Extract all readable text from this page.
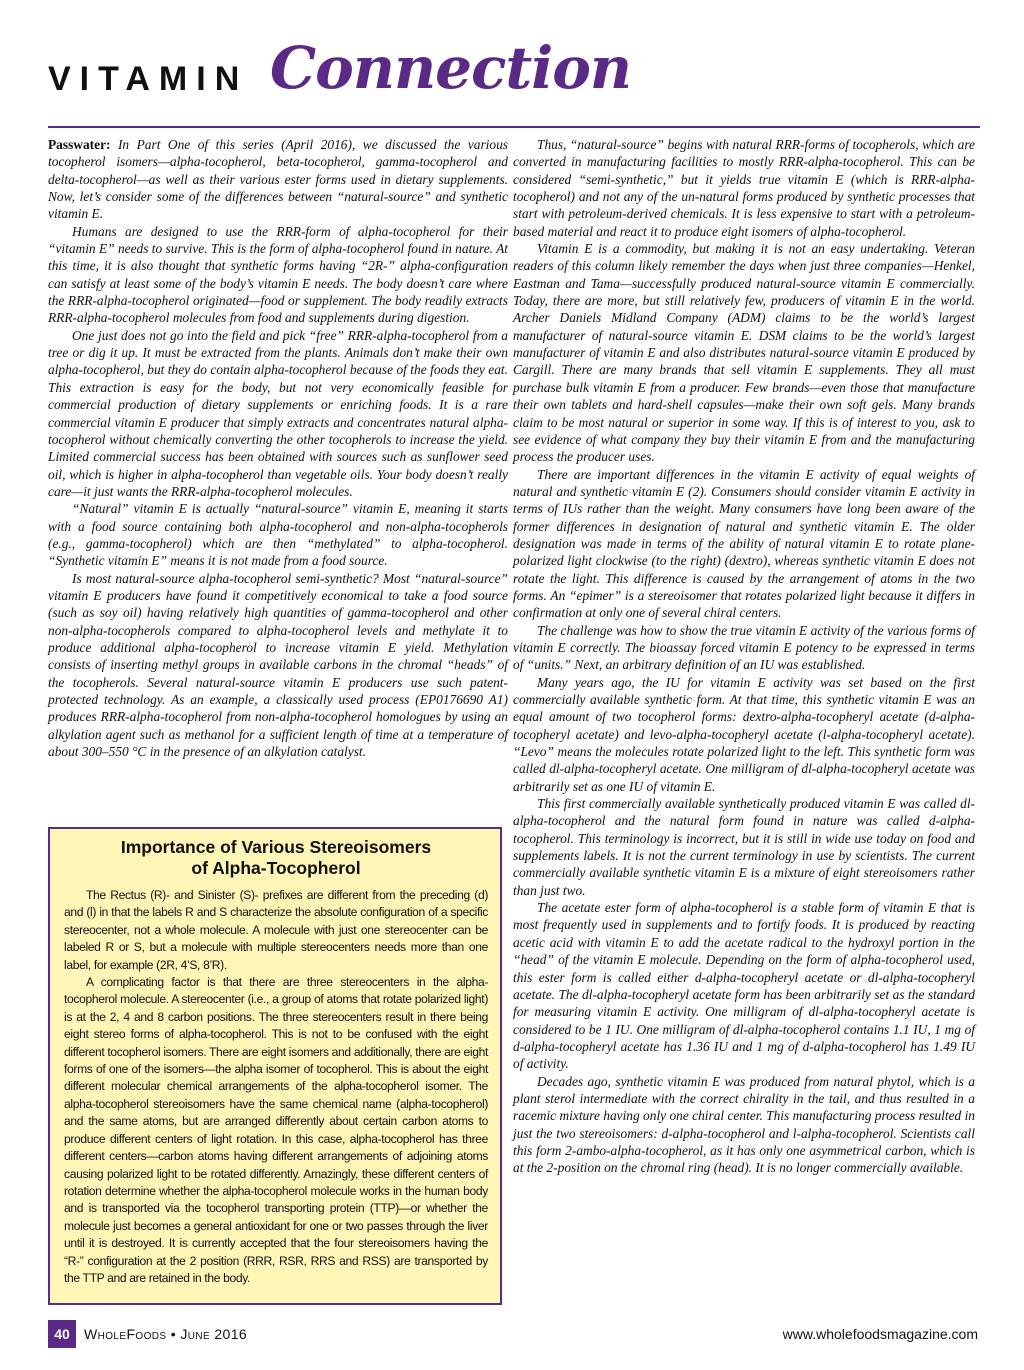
VITAMIN Connection

Passwater: In Part One of this series (April 2016), we discussed the various tocopherol isomers—alpha-tocopherol, beta-tocopherol, gamma-tocopherol and delta-tocopherol—as well as their various ester forms used in dietary supplements. Now, let’s consider some of the differences between “natural-source” and synthetic vitamin E.

Humans are designed to use the RRR-form of alpha-tocopherol for their “vitamin E” needs to survive. This is the form of alpha-tocopherol found in nature. At this time, it is also thought that synthetic forms having “2R-” alpha-configuration can satisfy at least some of the body’s vitamin E needs. The body doesn’t care where the RRR-alpha-tocopherol originated—food or supplement. The body readily extracts RRR-alpha-tocopherol molecules from food and supplements during digestion.

One just does not go into the field and pick “free” RRR-alpha-tocopherol from a tree or dig it up. It must be extracted from the plants. Animals don’t make their own alpha-tocopherol, but they do contain alpha-tocopherol because of the foods they eat. This extraction is easy for the body, but not very economically feasible for commercial production of dietary supplements or enriching foods. It is a rare commercial vitamin E producer that simply extracts and concentrates natural alpha-tocopherol without chemically converting the other tocopherols to increase the yield. Limited commercial success has been obtained with sources such as sunflower seed oil, which is higher in alpha-tocopherol than vegetable oils. Your body doesn’t really care—it just wants the RRR-alpha-tocopherol molecules.

“Natural” vitamin E is actually “natural-source” vitamin E, meaning it starts with a food source containing both alpha-tocopherol and non-alpha-tocopherols (e.g., gamma-tocopherol) which are then “methylated” to alpha-tocopherol. “Synthetic vitamin E” means it is not made from a food source.

Is most natural-source alpha-tocopherol semi-synthetic? Most “natural-source” vitamin E producers have found it competitively economical to take a food source (such as soy oil) having relatively high quantities of gamma-tocopherol and other non-alpha-tocopherols compared to alpha-tocopherol levels and methylate it to produce additional alpha-tocopherol to increase vitamin E yield. Methylation consists of inserting methyl groups in available carbons in the chromal “heads” of the tocopherols. Several natural-source vitamin E producers use such patent-protected technology. As an example, a classically used process (EP0176690 A1) produces RRR-alpha-tocopherol from non-alpha-tocopherol homologues by using an alkylation agent such as methanol for a sufficient length of time at a temperature of about 300–550 °C in the presence of an alkylation catalyst.

Importance of Various Stereoisomers
of Alpha-Tocopherol

The Rectus (R)- and Sinister (S)- prefixes are different from the preceding (d) and (l) in that the labels R and S characterize the absolute configuration of a specific stereocenter, not a whole molecule. A molecule with just one stereocenter can be labeled R or S, but a molecule with multiple stereocenters needs more than one label, for example (2R, 4’S, 8’R).

A complicating factor is that there are three stereocenters in the alpha-tocopherol molecule. A stereocenter (i.e., a group of atoms that rotate polarized light) is at the 2, 4 and 8 carbon positions. The three stereocenters result in there being eight stereo forms of alpha-tocopherol. This is not to be confused with the eight different tocopherol isomers. There are eight isomers and additionally, there are eight forms of one of the isomers—the alpha isomer of tocopherol. This is about the eight different molecular chemical arrangements of the alpha-tocopherol isomer. The alpha-tocopherol stereoisomers have the same chemical name (alpha-tocopherol) and the same atoms, but are arranged differently about certain carbon atoms to produce different centers of light rotation. In this case, alpha-tocopherol has three different centers—carbon atoms having different arrangements of adjoining atoms causing polarized light to be rotated differently. Amazingly, these different centers of rotation determine whether the alpha-tocopherol molecule works in the human body and is transported via the tocopherol transporting protein (TTP)—or whether the molecule just becomes a general antioxidant for one or two passes through the liver until it is destroyed. It is currently accepted that the four stereoisomers having the “R-” configuration at the 2 position (RRR, RSR, RRS and RSS) are transported by the TTP and are retained in the body.

Thus, “natural-source” begins with natural RRR-forms of tocopherols, which are converted in manufacturing facilities to mostly RRR-alpha-tocopherol. This can be considered “semi-synthetic,” but it yields true vitamin E (which is RRR-alpha-tocopherol) and not any of the un-natural forms produced by synthetic processes that start with petroleum-derived chemicals. It is less expensive to start with a petroleum-based material and react it to produce eight isomers of alpha-tocopherol.

Vitamin E is a commodity, but making it is not an easy undertaking. Veteran readers of this column likely remember the days when just three companies—Henkel, Eastman and Tama—successfully produced natural-source vitamin E commercially. Today, there are more, but still relatively few, producers of vitamin E in the world. Archer Daniels Midland Company (ADM) claims to be the world’s largest manufacturer of natural-source vitamin E. DSM claims to be the world’s largest manufacturer of vitamin E and also distributes natural-source vitamin E produced by Cargill. There are many brands that sell vitamin E supplements. They all must purchase bulk vitamin E from a producer. Few brands—even those that manufacture their own tablets and hard-shell capsules—make their own soft gels. Many brands claim to be most natural or superior in some way. If this is of interest to you, ask to see evidence of what company they buy their vitamin E from and the manufacturing process the producer uses.

There are important differences in the vitamin E activity of equal weights of natural and synthetic vitamin E (2). Consumers should consider vitamin E activity in terms of IUs rather than the weight. Many consumers have long been aware of the former differences in designation of natural and synthetic vitamin E. The older designation was made in terms of the ability of natural vitamin E to rotate plane-polarized light clockwise (to the right) (dextro), whereas synthetic vitamin E does not rotate the light. This difference is caused by the arrangement of atoms in the two forms. An “epimer” is a stereoisomer that rotates polarized light because it differs in confirmation at only one of several chiral centers.

The challenge was how to show the true vitamin E activity of the various forms of vitamin E correctly. The bioassay forced vitamin E potency to be expressed in terms of “units.” Next, an arbitrary definition of an IU was established.

Many years ago, the IU for vitamin E activity was set based on the first commercially available synthetic form. At that time, this synthetic vitamin E was an equal amount of two tocopherol forms: dextro-alpha-tocopheryl acetate (d-alpha-tocopheryl acetate) and levo-alpha-tocopheryl acetate (l-alpha-tocopheryl acetate). “Levo” means the molecules rotate polarized light to the left. This synthetic form was called dl-alpha-tocopheryl acetate. One milligram of dl-alpha-tocopheryl acetate was arbitrarily set as one IU of vitamin E.

This first commercially available synthetically produced vitamin E was called dl-alpha-tocopherol and the natural form found in nature was called d-alpha-tocopherol. This terminology is incorrect, but it is still in wide use today on food and supplements labels. It is not the current terminology in use by scientists. The current commercially available synthetic vitamin E is a mixture of eight stereoisomers rather than just two.

The acetate ester form of alpha-tocopherol is a stable form of vitamin E that is most frequently used in supplements and to fortify foods. It is produced by reacting acetic acid with vitamin E to add the acetate radical to the hydroxyl portion in the “head” of the vitamin E molecule. Depending on the form of alpha-tocopherol used, this ester form is called either d-alpha-tocopheryl acetate or dl-alpha-tocopheryl acetate. The dl-alpha-tocopheryl acetate form has been arbitrarily set as the standard for measuring vitamin E activity. One milligram of dl-alpha-tocopheryl acetate is considered to be 1 IU. One milligram of dl-alpha-tocopherol contains 1.1 IU, 1 mg of d-alpha-tocopheryl acetate has 1.36 IU and 1 mg of d-alpha-tocopherol has 1.49 IU of activity.

Decades ago, synthetic vitamin E was produced from natural phytol, which is a plant sterol intermediate with the correct chirality in the tail, and thus resulted in a racemic mixture having only one chiral center. This manufacturing process resulted in just the two stereoisomers: d-alpha-tocopherol and l-alpha-tocopherol. Scientists call this form 2-ambo-alpha-tocopherol, as it has only one asymmetrical carbon, which is at the 2-position on the chromal ring (head). It is no longer commercially available.

40	WholeFoods • June 2016	www.wholefoodsmagazine.com
